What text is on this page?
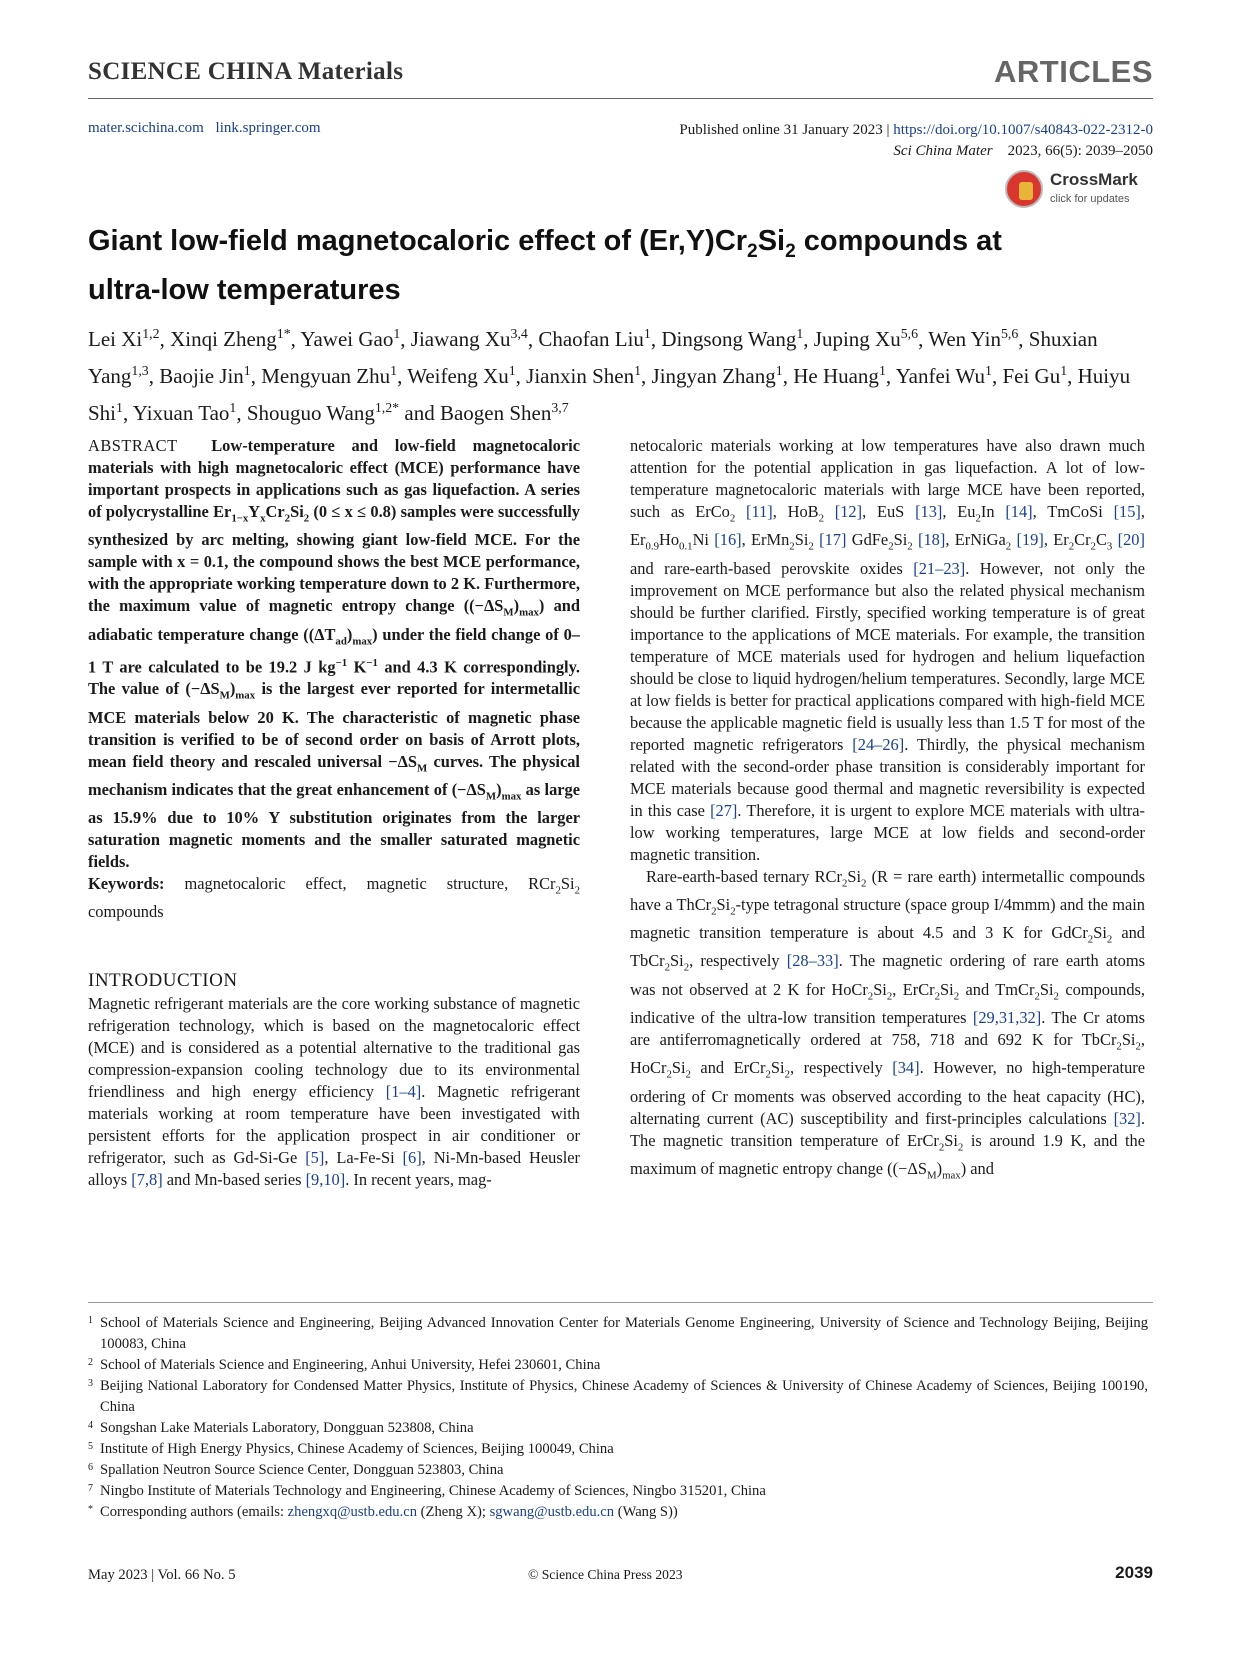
SCIENCE CHINA Materials	ARTICLES
mater.scichina.com link.springer.com	Published online 31 January 2023 | https://doi.org/10.1007/s40843-022-2312-0
Sci China Mater 2023, 66(5): 2039–2050
CrossMark
click for updates
Giant low-field magnetocaloric effect of $(Er,Y)Cr_2Si_2$ compounds at
ultra-low temperatures
Lei Xi$^{1,2}$, Xinqi Zheng$^{1*}$, Yawei Gao$^1$, Jiawang Xu$^{3,4}$, Chaofan Liu$^1$, Dingsong Wang$^1$, Juping Xu$^{5,6}$, Wen Yin$^{5,6}$, Shuxian Yang$^{1,3}$, Baojie Jin$^1$, Mengyuan Zhu$^1$, Weifeng Xu$^1$, Jianxin Shen$^1$, Jingyan Zhang$^1$, He Huang$^1$, Yanfei Wu$^1$, Fei Gu$^1$, Huiyu Shi$^1$, Yixuan Tao$^1$, Shouguo Wang$^{1,2*}$ and Baogen Shen$^{3,7}$

ABSTRACT Low-temperature and low-field magnetocaloric materials with high magnetocaloric effect (MCE) performance have important prospects in applications such as gas liquefaction. A series of polycrystalline $Er_{1-x}Y_xCr_2Si_2$ (0 ≤ x ≤ 0.8) samples were successfully synthesized by arc melting, showing giant low-field MCE. For the sample with x = 0.1, the compound shows the best MCE performance, with the appropriate working temperature down to 2 K. Furthermore, the maximum value of magnetic entropy change $((-\Delta S_M)_{max})$ and adiabatic temperature change $((\Delta T_{ad})_{max})$ under the field change of 0–1 T are calculated to be 19.2 J $kg^{-1}$ $K^{-1}$ and 4.3 K correspondingly. The value of $(-\Delta S_M)_{max}$ is the largest ever reported for intermetallic MCE materials below 20 K. The characteristic of magnetic phase transition is verified to be of second order on basis of Arrott plots, mean field theory and rescaled universal $-\Delta S_M$ curves. The physical mechanism indicates that the great enhancement of $(-\Delta S_M)_{max}$ as large as 15.9% due to 10% Y substitution originates from the larger saturation magnetic moments and the smaller saturated magnetic fields.

Keywords: magnetocaloric effect, magnetic structure, $RCr_2Si_2$ compounds

INTRODUCTION

Magnetic refrigerant materials are the core working substance of magnetic refrigeration technology, which is based on the magnetocaloric effect (MCE) and is considered as a potential alternative to the traditional gas compression-expansion cooling technology due to its environmental friendliness and high energy efficiency [1–4]. Magnetic refrigerant materials working at room temperature have been investigated with persistent efforts for the application prospect in air conditioner or refrigerator, such as Gd-Si-Ge [5], La-Fe-Si [6], Ni-Mn-based Heusler alloys [7,8] and Mn-based series [9,10]. In recent years, mag-

netocaloric materials working at low temperatures have also drawn much attention for the potential application in gas liquefaction. A lot of low-temperature magnetocaloric materials with large MCE have been reported, such as ErCo$_2$ [11], HoB$_2$ [12], EuS [13], $Eu_2In$ [14], TmCoSi [15], $Er_{0.9}Ho_{0.1}Ni$ [16], $ErMn_2Si_2$ [17] $GdFe_2Si_2$ [18], ErNiGa$_2$ [19], $Er_2Cr_2C_3$ [20] and rare-earth-based perovskite oxides [21–23]. However, not only the improvement on MCE performance but also the related physical mechanism should be further clarified. Firstly, specified working temperature is of great importance to the applications of MCE materials. For example, the transition temperature of MCE materials used for hydrogen and helium liquefaction should be close to liquid hydrogen/helium temperatures. Secondly, large MCE at low fields is better for practical applications compared with high-field MCE because the applicable magnetic field is usually less than 1.5 T for most of the reported magnetic refrigerators [24–26]. Thirdly, the physical mechanism related with the second-order phase transition is considerably important for MCE materials because good thermal and magnetic reversibility is expected in this case [27]. Therefore, it is urgent to explore MCE materials with ultra-low working temperatures, large MCE at low fields and second-order magnetic transition.

Rare-earth-based ternary $RCr_2Si_2$ (R = rare earth) intermetallic compounds have a $ThCr_2Si_2$-type tetragonal structure (space group I/4mmm) and the main magnetic transition temperature is about 4.5 and 3 K for $GdCr_2Si_2$ and $TbCr_2Si_2$, respectively [28–33]. The magnetic ordering of rare earth atoms was not observed at 2 K for $HoCr_2Si_2$, $ErCr_2Si_2$ and $TmCr_2Si_2$ compounds, indicative of the ultra-low transition temperatures [29,31,32]. The Cr atoms are antiferromagnetically ordered at 758, 718 and 692 K for $TbCr_2Si_2$, $HoCr_2Si_2$ and $ErCr_2Si_2$, respectively [34]. However, no high-temperature ordering of Cr moments was observed according to the heat capacity (HC), alternating current (AC) susceptibility and first-principles calculations [32]. The magnetic transition temperature of $ErCr_2Si_2$ is around 1.9 K, and the maximum of magnetic entropy change $((-\Delta S_M)_{max})$ and

1 School of Materials Science and Engineering, Beijing Advanced Innovation Center for Materials Genome Engineering, University of Science and Technology Beijing, Beijing 100083, China
2 School of Materials Science and Engineering, Anhui University, Hefei 230601, China
3 Beijing National Laboratory for Condensed Matter Physics, Institute of Physics, Chinese Academy of Sciences & University of Chinese Academy of Sciences, Beijing 100190, China
4 Songshan Lake Materials Laboratory, Dongguan 523808, China
5 Institute of High Energy Physics, Chinese Academy of Sciences, Beijing 100049, China
6 Spallation Neutron Source Science Center, Dongguan 523803, China
7 Ningbo Institute of Materials Technology and Engineering, Chinese Academy of Sciences, Ningbo 315201, China
* Corresponding authors (emails: zhengxq@ustb.edu.cn (Zheng X); sgwang@ustb.edu.cn (Wang S))
May 2023 | Vol. 66 No. 5	© Science China Press 2023	2039
